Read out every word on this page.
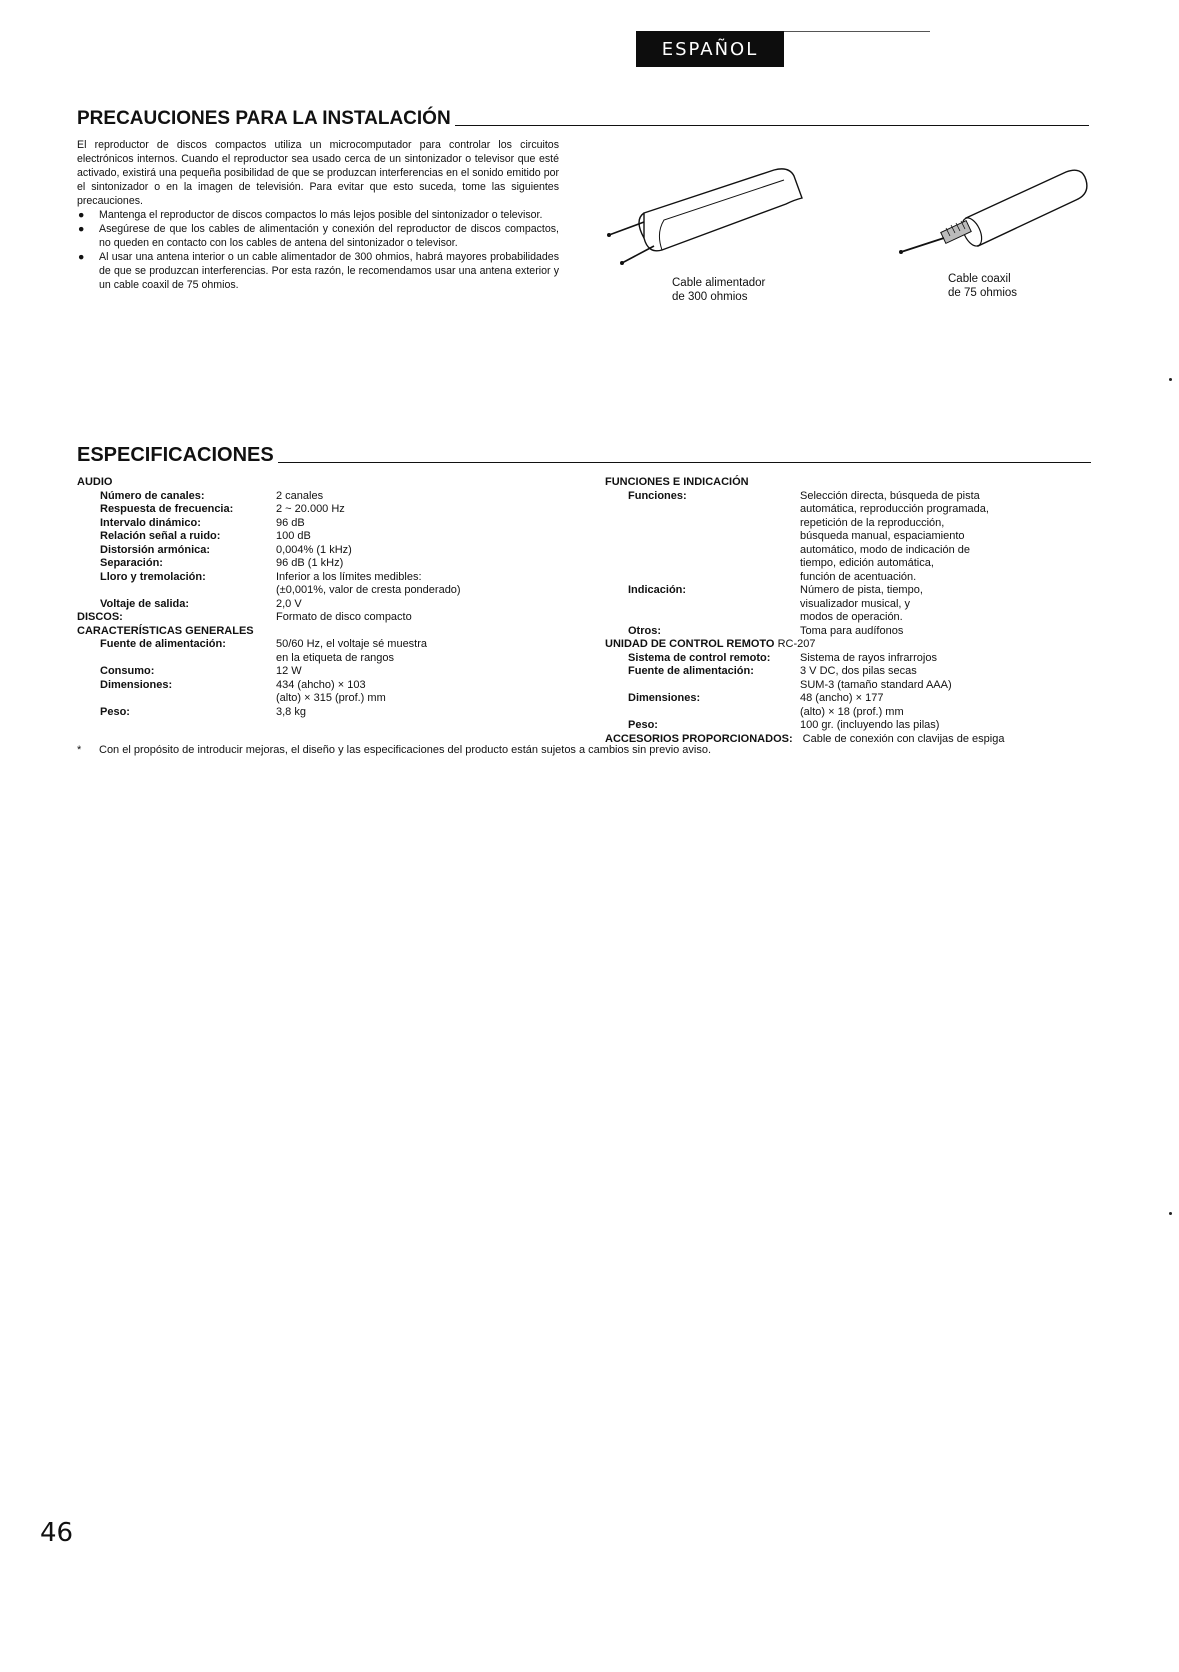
ESPAÑOL
PRECAUCIONES PARA LA INSTALACIÓN

El reproductor de discos compactos utiliza un microcomputador para controlar los circuitos electrónicos internos. Cuando el reproductor sea usado cerca de un sintonizador o televisor que esté activado, existirá una pequeña posibilidad de que se produzcan interferencias en el sonido emitido por el sintonizador o en la imagen de televisión. Para evitar que esto suceda, tome las siguientes precauciones.

● Mantenga el reproductor de discos compactos lo más lejos posible del sintonizador o televisor.
● Asegúrese de que los cables de alimentación y conexión del reproductor de discos compactos, no queden en contacto con los cables de antena del sintonizador o televisor.
● Al usar una antena interior o un cable alimentador de 300 ohmios, habrá mayores probabilidades de que se produzcan interferencias. Por esta razón, le recomendamos usar una antena exterior y un cable coaxil de 75 ohmios.	Cable alimentador
de 300 ohmios
Cable coaxil
de 75 ohmios
ESPECIFICACIONES
AUDIO
Número de canales:	2 canales
Respuesta de frecuencia:	2 ~ 20.000 Hz
Intervalo dinámico:	96 dB
Relación señal a ruido:	100 dB
Distorsión armónica:	0,004% (1 kHz)
Separación:	96 dB (1 kHz)
Lloro y tremolación:	Inferior a los límites medibles:
(±0,001%, valor de cresta ponderado)
Voltaje de salida:	2,0 V
DISCOS:	Formato de disco compacto
CARACTERÍSTICAS GENERALES
Fuente de alimentación:	50/60 Hz, el voltaje sé muestra
en la etiqueta de rangos
Consumo:	12 W
Dimensiones:	434 (ahcho) × 103
(alto) × 315 (prof.) mm
Peso:	3,8 kg
FUNCIONES E INDICACIÓN
Funciones:	Selección directa, búsqueda de pista
automática, reproducción programada,
repetición de la reproducción,
búsqueda manual, espaciamiento
automático, modo de indicación de
tiempo, edición automática,
función de acentuación.
Indicación:	Número de pista, tiempo,
visualizador musical, y
modos de operación.
Otros:	Toma para audífonos
UNIDAD DE CONTROL REMOTO RC-207
Sistema de control remoto:	Sistema de rayos infrarrojos
Fuente de alimentación:	3 V DC, dos pilas secas
SUM-3 (tamaño standard AAA)
Dimensiones:	48 (ancho) × 177
(alto) × 18 (prof.) mm
Peso:	100 gr. (incluyendo las pilas)
ACCESORIOS PROPORCIONADOS: Cable de conexión con clavijas de espiga
* Con el propósito de introducir mejoras, el diseño y las especificaciones del producto están sujetos a cambios sin previo aviso.
46
